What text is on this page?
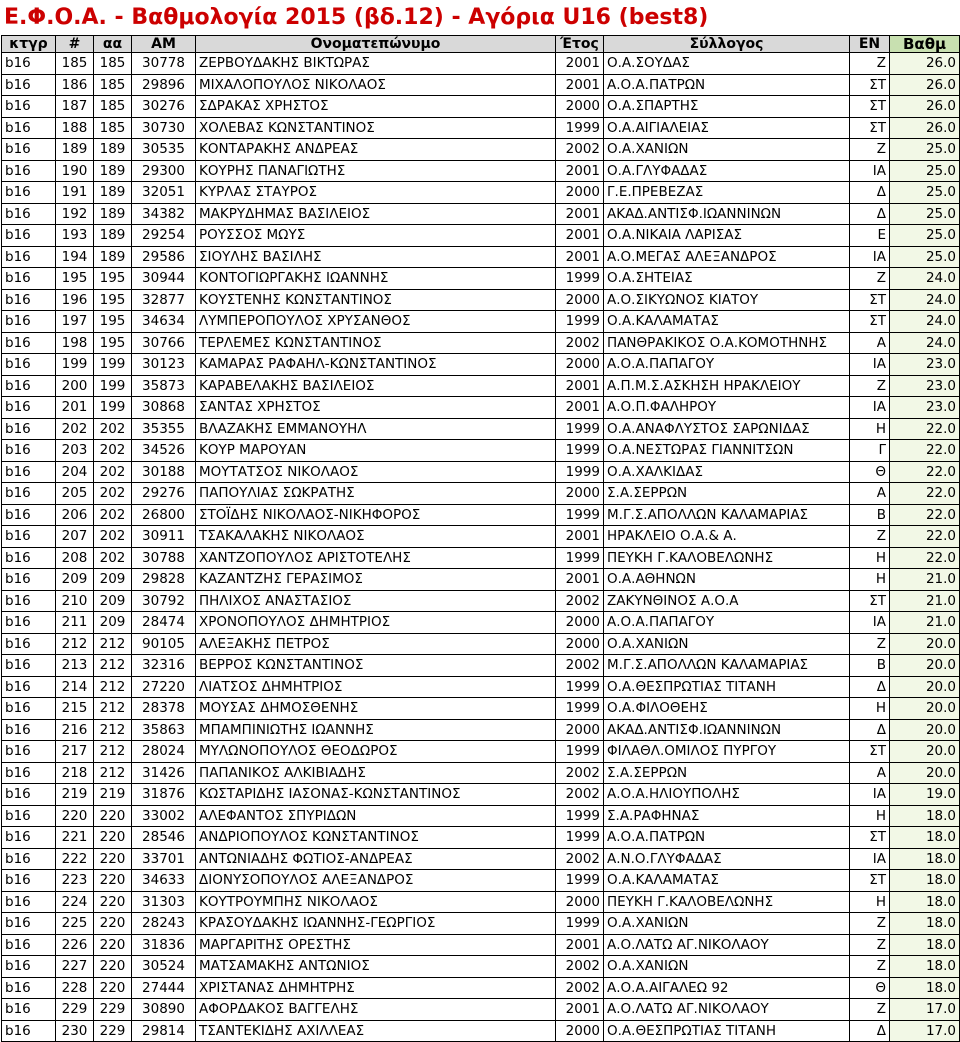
Ε.Φ.Ο.Α. - Βαθμολογία 2015 (βδ.12) - Αγόρια U16 (best8)
κτγρ	#	αα	ΑΜ	Ονοματεπώνυμο	Έτος	Σύλλογος	ΕΝ	Βαθμ
b16	185	185	30778	ΖΕΡΒΟΥΔΑΚΗΣ ΒΙΚΤΩΡΑΣ	2001	Ο.Α.ΣΟΥΔΑΣ	Ζ	26.0
b16	186	185	29896	ΜΙΧΑΛΟΠΟΥΛΟΣ ΝΙΚΟΛΑΟΣ	2001	Α.Ο.Α.ΠΑΤΡΩΝ	ΣΤ	26.0
b16	187	185	30276	ΣΔΡΑΚΑΣ ΧΡΗΣΤΟΣ	2000	Ο.Α.ΣΠΑΡΤΗΣ	ΣΤ	26.0
b16	188	185	30730	ΧΟΛΕΒΑΣ ΚΩΝΣΤΑΝΤΙΝΟΣ	1999	Ο.Α.ΑΙΓΙΑΛΕΙΑΣ	ΣΤ	26.0
b16	189	189	30535	ΚΟΝΤΑΡΑΚΗΣ ΑΝΔΡΕΑΣ	2002	Ο.Α.ΧΑΝΙΩΝ	Ζ	25.0
b16	190	189	29300	ΚΟΥΡΗΣ ΠΑΝΑΓΙΩΤΗΣ	2001	Ο.Α.ΓΛΥΦΑΔΑΣ	ΙΑ	25.0
b16	191	189	32051	ΚΥΡΛΑΣ ΣΤΑΥΡΟΣ	2000	Γ.Ε.ΠΡΕΒΕΖΑΣ	Δ	25.0
b16	192	189	34382	ΜΑΚΡΥΔΗΜΑΣ ΒΑΣΙΛΕΙΟΣ	2001	ΑΚΑΔ.ΑΝΤΙΣΦ.ΙΩΑΝΝΙΝΩΝ	Δ	25.0
b16	193	189	29254	ΡΟΥΣΣΟΣ ΜΩΥΣ	2001	Ο.Α.ΝΙΚΑΙΑ ΛΑΡΙΣΑΣ	Ε	25.0
b16	194	189	29586	ΣΙΟΥΛΗΣ ΒΑΣΙΛΗΣ	2001	Α.Ο.ΜΕΓΑΣ ΑΛΕΞΑΝΔΡΟΣ	ΙΑ	25.0
b16	195	195	30944	ΚΟΝΤΟΓΙΩΡΓΑΚΗΣ ΙΩΑΝΝΗΣ	1999	Ο.Α.ΣΗΤΕΙΑΣ	Ζ	24.0
b16	196	195	32877	ΚΟΥΣΤΕΝΗΣ ΚΩΝΣΤΑΝΤΙΝΟΣ	2000	Α.Ο.ΣΙΚΥΩΝΟΣ ΚΙΑΤΟΥ	ΣΤ	24.0
b16	197	195	34634	ΛΥΜΠΕΡΟΠΟΥΛΟΣ ΧΡΥΣΑΝΘΟΣ	1999	Ο.Α.ΚΑΛΑΜΑΤΑΣ	ΣΤ	24.0
b16	198	195	30766	ΤΕΡΛΕΜΕΣ ΚΩΝΣΤΑΝΤΙΝΟΣ	2002	ΠΑΝΘΡΑΚΙΚΟΣ Ο.Α.ΚΟΜΟΤΗΝΗΣ	Α	24.0
b16	199	199	30123	ΚΑΜΑΡΑΣ ΡΑΦΑΗΛ-ΚΩΝΣΤΑΝΤΙΝΟΣ	2000	Α.Ο.Α.ΠΑΠΑΓΟΥ	ΙΑ	23.0
b16	200	199	35873	ΚΑΡΑΒΕΛΑΚΗΣ ΒΑΣΙΛΕΙΟΣ	2001	Α.Π.Μ.Σ.ΑΣΚΗΣΗ ΗΡΑΚΛΕΙΟΥ	Ζ	23.0
b16	201	199	30868	ΣΑΝΤΑΣ ΧΡΗΣΤΟΣ	2001	Α.Ο.Π.ΦΑΛΗΡΟΥ	ΙΑ	23.0
b16	202	202	35355	ΒΛΑΖΑΚΗΣ ΕΜΜΑΝΟΥΗΛ	1999	Ο.Α.ΑΝΑΦΛΥΣΤΟΣ ΣΑΡΩΝΙΔΑΣ	Η	22.0
b16	203	202	34526	ΚΟΥΡ ΜΑΡΟΥΑΝ	1999	Ο.Α.ΝΕΣΤΩΡΑΣ ΓΙΑΝΝΙΤΣΩΝ	Γ	22.0
b16	204	202	30188	ΜΟΥΤΑΤΣΟΣ ΝΙΚΟΛΑΟΣ	1999	Ο.Α.ΧΑΛΚΙΔΑΣ	Θ	22.0
b16	205	202	29276	ΠΑΠΟΥΛΙΑΣ ΣΩΚΡΑΤΗΣ	2000	Σ.Α.ΣΕΡΡΩΝ	Α	22.0
b16	206	202	26800	ΣΤΟΪΔΗΣ ΝΙΚΟΛΑΟΣ-ΝΙΚΗΦΟΡΟΣ	1999	Μ.Γ.Σ.ΑΠΟΛΛΩΝ ΚΑΛΑΜΑΡΙΑΣ	Β	22.0
b16	207	202	30911	ΤΣΑΚΑΛΑΚΗΣ ΝΙΚΟΛΑΟΣ	2001	ΗΡΑΚΛΕΙΟ Ο.Α.& Α.	Ζ	22.0
b16	208	202	30788	ΧΑΝΤΖΟΠΟΥΛΟΣ ΑΡΙΣΤΟΤΕΛΗΣ	1999	ΠΕΥΚΗ Γ.ΚΑΛΟΒΕΛΩΝΗΣ	Η	22.0
b16	209	209	29828	ΚΑΖΑΝΤΖΗΣ ΓΕΡΑΣΙΜΟΣ	2001	Ο.Α.ΑΘΗΝΩΝ	Η	21.0
b16	210	209	30792	ΠΗΛΙΧΟΣ ΑΝΑΣΤΑΣΙΟΣ	2002	ΖΑΚΥΝΘΙΝΟΣ Α.Ο.Α	ΣΤ	21.0
b16	211	209	28474	ΧΡΟΝΟΠΟΥΛΟΣ ΔΗΜΗΤΡΙΟΣ	2000	Α.Ο.Α.ΠΑΠΑΓΟΥ	ΙΑ	21.0
b16	212	212	90105	ΑΛΕΞΑΚΗΣ ΠΕΤΡΟΣ	2000	Ο.Α.ΧΑΝΙΩΝ	Ζ	20.0
b16	213	212	32316	ΒΕΡΡΟΣ ΚΩΝΣΤΑΝΤΙΝΟΣ	2002	Μ.Γ.Σ.ΑΠΟΛΛΩΝ ΚΑΛΑΜΑΡΙΑΣ	Β	20.0
b16	214	212	27220	ΛΙΑΤΣΟΣ ΔΗΜΗΤΡΙΟΣ	1999	Ο.Α.ΘΕΣΠΡΩΤΙΑΣ ΤΙΤΑΝΗ	Δ	20.0
b16	215	212	28378	ΜΟΥΣΑΣ ΔΗΜΟΣΘΕΝΗΣ	1999	Ο.Α.ΦΙΛΟΘΕΗΣ	Η	20.0
b16	216	212	35863	ΜΠΑΜΠΙΝΙΩΤΗΣ ΙΩΑΝΝΗΣ	2000	ΑΚΑΔ.ΑΝΤΙΣΦ.ΙΩΑΝΝΙΝΩΝ	Δ	20.0
b16	217	212	28024	ΜΥΛΩΝΟΠΟΥΛΟΣ ΘΕΟΔΩΡΟΣ	1999	ΦΙΛΑΘΛ.ΟΜΙΛΟΣ ΠΥΡΓΟΥ	ΣΤ	20.0
b16	218	212	31426	ΠΑΠΑΝΙΚΟΣ ΑΛΚΙΒΙΑΔΗΣ	2002	Σ.Α.ΣΕΡΡΩΝ	Α	20.0
b16	219	219	31876	ΚΩΣΤΑΡΙΔΗΣ ΙΑΣΟΝΑΣ-ΚΩΝΣΤΑΝΤΙΝΟΣ	2002	Α.Ο.Α.ΗΛΙΟΥΠΟΛΗΣ	ΙΑ	19.0
b16	220	220	33002	ΑΛΕΦΑΝΤΟΣ ΣΠΥΡΙΔΩΝ	1999	Σ.Α.ΡΑΦΗΝΑΣ	Η	18.0
b16	221	220	28546	ΑΝΔΡΙΟΠΟΥΛΟΣ ΚΩΝΣΤΑΝΤΙΝΟΣ	1999	Α.Ο.Α.ΠΑΤΡΩΝ	ΣΤ	18.0
b16	222	220	33701	ΑΝΤΩΝΙΑΔΗΣ ΦΩΤΙΟΣ-ΑΝΔΡΕΑΣ	2002	Α.Ν.Ο.ΓΛΥΦΑΔΑΣ	ΙΑ	18.0
b16	223	220	34633	ΔΙΟΝΥΣΟΠΟΥΛΟΣ ΑΛΕΞΑΝΔΡΟΣ	1999	Ο.Α.ΚΑΛΑΜΑΤΑΣ	ΣΤ	18.0
b16	224	220	31303	ΚΟΥΤΡΟΥΜΠΗΣ ΝΙΚΟΛΑΟΣ	2000	ΠΕΥΚΗ Γ.ΚΑΛΟΒΕΛΩΝΗΣ	Η	18.0
b16	225	220	28243	ΚΡΑΣΟΥΔΑΚΗΣ ΙΩΑΝΝΗΣ-ΓΕΩΡΓΙΟΣ	1999	Ο.Α.ΧΑΝΙΩΝ	Ζ	18.0
b16	226	220	31836	ΜΑΡΓΑΡΙΤΗΣ ΟΡΕΣΤΗΣ	2001	Α.Ο.ΛΑΤΩ ΑΓ.ΝΙΚΟΛΑΟΥ	Ζ	18.0
b16	227	220	30524	ΜΑΤΣΑΜΑΚΗΣ ΑΝΤΩΝΙΟΣ	2002	Ο.Α.ΧΑΝΙΩΝ	Ζ	18.0
b16	228	220	27444	ΧΡΙΣΤΑΝΑΣ ΔΗΜΗΤΡΗΣ	2002	Α.Ο.Α.ΑΙΓΑΛΕΩ 92	Θ	18.0
b16	229	229	30890	ΑΦΟΡΔΑΚΟΣ ΒΑΓΓΕΛΗΣ	2001	Α.Ο.ΛΑΤΩ ΑΓ.ΝΙΚΟΛΑΟΥ	Ζ	17.0
b16	230	229	29814	ΤΣΑΝΤΕΚΙΔΗΣ ΑΧΙΛΛΕΑΣ	2000	Ο.Α.ΘΕΣΠΡΩΤΙΑΣ ΤΙΤΑΝΗ	Δ	17.0
